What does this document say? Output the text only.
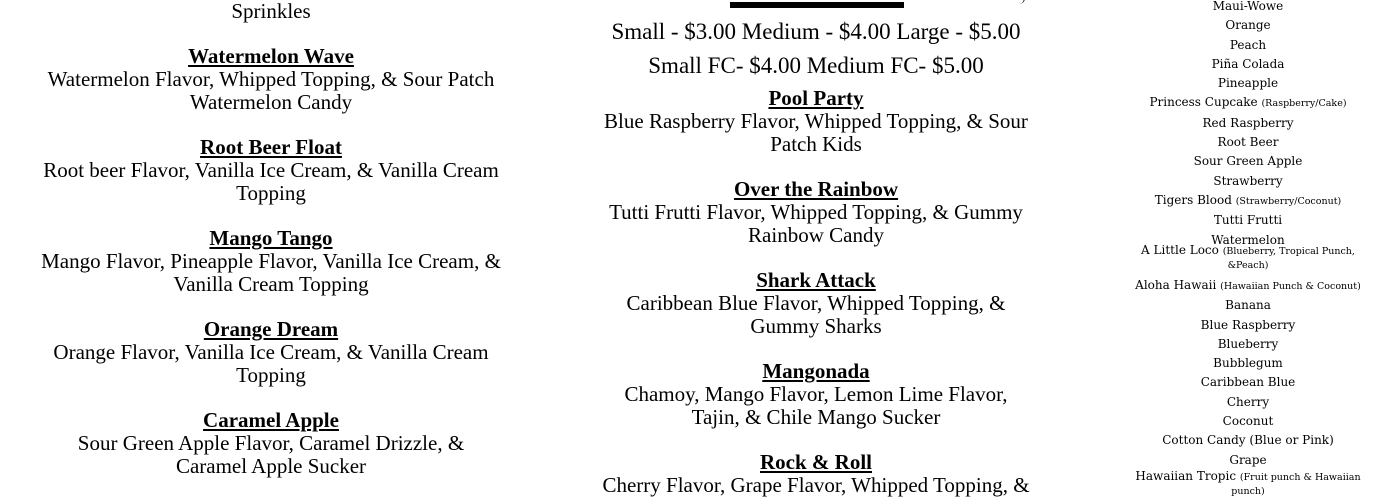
Sprinkles
Watermelon Wave
Watermelon Flavor, Whipped Topping, & Sour Patch Watermelon Candy
Root Beer Float
Root beer Flavor, Vanilla Ice Cream, & Vanilla Cream Topping
Mango Tango
Mango Flavor, Pineapple Flavor, Vanilla Ice Cream, & Vanilla Cream Topping
Orange Dream
Orange Flavor, Vanilla Ice Cream, & Vanilla Cream Topping
Caramel Apple
Sour Green Apple Flavor, Caramel Drizzle, & Caramel Apple Sucker
Small - $3.00 Medium - $4.00 Large - $5.00
Small FC- $4.00 Medium FC- $5.00
Pool Party
Blue Raspberry Flavor, Whipped Topping, & Sour Patch Kids
Over the Rainbow
Tutti Frutti Flavor, Whipped Topping, & Gummy Rainbow Candy
Shark Attack
Caribbean Blue Flavor, Whipped Topping, & Gummy Sharks
Mangonada
Chamoy, Mango Flavor, Lemon Lime Flavor, Tajin, & Chile Mango Sucker
Rock & Roll
Cherry Flavor, Grape Flavor, Whipped Topping, &
Maui-Wowe
Orange
Peach
Piña Colada
Pineapple
Princess Cupcake (Raspberry/Cake)
Red Raspberry
Root Beer
Sour Green Apple
Strawberry
Tigers Blood (Strawberry/Coconut)
Tutti Frutti
Watermelon
A Little Loco (Blueberry, Tropical Punch, &Peach)
Aloha Hawaii (Hawaiian Punch & Coconut)
Banana
Blue Raspberry
Blueberry
Bubblegum
Caribbean Blue
Cherry
Coconut
Cotton Candy (Blue or Pink)
Grape
Hawaiian Tropic (Fruit punch & Hawaiian punch)
